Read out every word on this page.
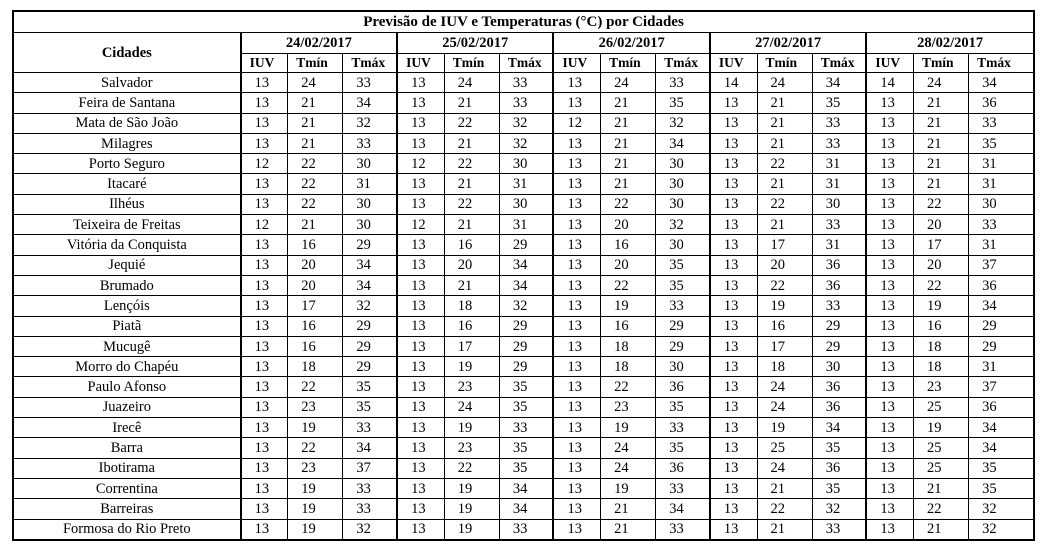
Previsão de IUV e Temperaturas (°C) por Cidades															
Cidades	24/02/2017			25/02/2017			26/02/2017			27/02/2017			28/02/2017		
	IUV	Tmín	Tmáx	IUV	Tmín	Tmáx	IUV	Tmín	Tmáx	IUV	Tmín	Tmáx	IUV	Tmín	Tmáx
Salvador	13	24	33	13	24	33	13	24	33	14	24	34	14	24	34
Feira de Santana	13	21	34	13	21	33	13	21	35	13	21	35	13	21	36
Mata de São João	13	21	32	13	22	32	12	21	32	13	21	33	13	21	33
Milagres	13	21	33	13	21	32	13	21	34	13	21	33	13	21	35
Porto Seguro	12	22	30	12	22	30	13	21	30	13	22	31	13	21	31
Itacaré	13	22	31	13	21	31	13	21	30	13	21	31	13	21	31
Ilhéus	13	22	30	13	22	30	13	22	30	13	22	30	13	22	30
Teixeira de Freitas	12	21	30	12	21	31	13	20	32	13	21	33	13	20	33
Vitória da Conquista	13	16	29	13	16	29	13	16	30	13	17	31	13	17	31
Jequié	13	20	34	13	20	34	13	20	35	13	20	36	13	20	37
Brumado	13	20	34	13	21	34	13	22	35	13	22	36	13	22	36
Lençóis	13	17	32	13	18	32	13	19	33	13	19	33	13	19	34
Piatã	13	16	29	13	16	29	13	16	29	13	16	29	13	16	29
Mucugê	13	16	29	13	17	29	13	18	29	13	17	29	13	18	29
Morro do Chapéu	13	18	29	13	19	29	13	18	30	13	18	30	13	18	31
Paulo Afonso	13	22	35	13	23	35	13	22	36	13	24	36	13	23	37
Juazeiro	13	23	35	13	24	35	13	23	35	13	24	36	13	25	36
Irecê	13	19	33	13	19	33	13	19	33	13	19	34	13	19	34
Barra	13	22	34	13	23	35	13	24	35	13	25	35	13	25	34
Ibotirama	13	23	37	13	22	35	13	24	36	13	24	36	13	25	35
Correntina	13	19	33	13	19	34	13	19	33	13	21	35	13	21	35
Barreiras	13	19	33	13	19	34	13	21	34	13	22	32	13	22	32
Formosa do Rio Preto	13	19	32	13	19	33	13	21	33	13	21	33	13	21	32
